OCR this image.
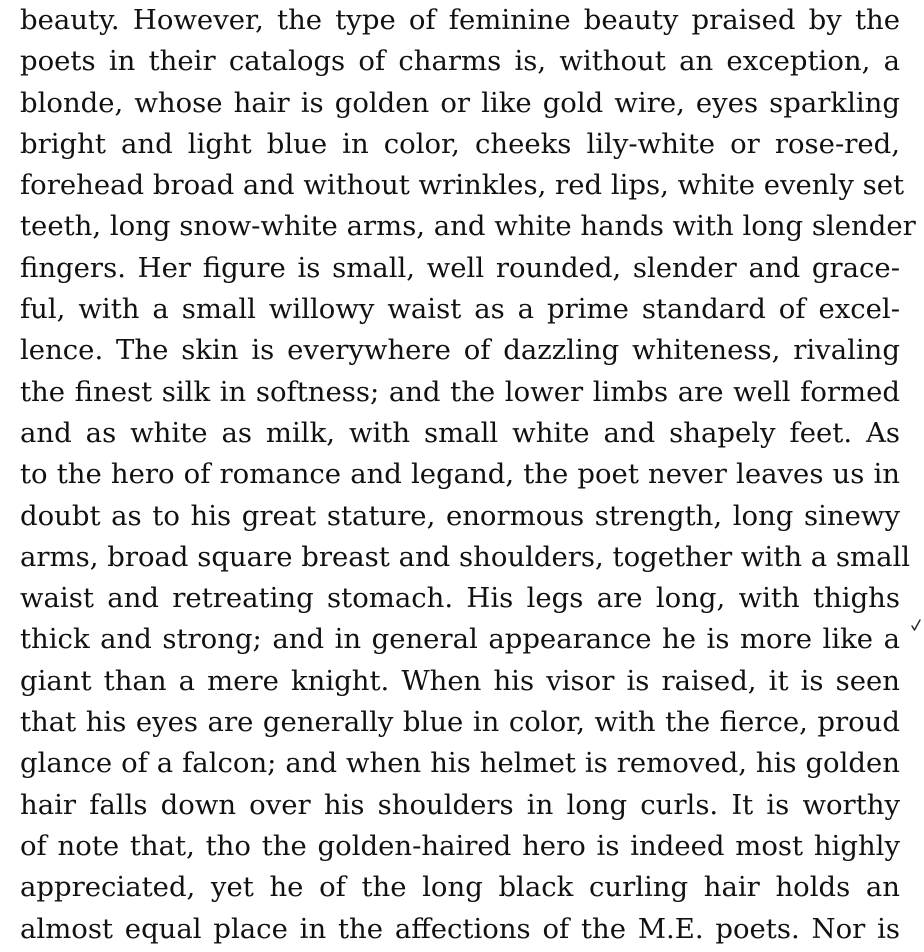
beauty. However, the type of feminine beauty praised by the
poets in their catalogs of charms is, without an exception, a
blonde, whose hair is golden or like gold wire, eyes sparkling
bright and light blue in color, cheeks lily-white or rose-red,
forehead broad and without wrinkles, red lips, white evenly set
teeth, long snow-white arms, and white hands with long slender
fingers. Her figure is small, well rounded, slender and grace-
ful, with a small willowy waist as a prime standard of excel-
lence. The skin is everywhere of dazzling whiteness, rivaling
the finest silk in softness; and the lower limbs are well formed
and as white as milk, with small white and shapely feet. As
to the hero of romance and legand, the poet never leaves us in
doubt as to his great stature, enormous strength, long sinewy
arms, broad square breast and shoulders, together with a small
waist and retreating stomach. His legs are long, with thighs
thick and strong; and in general appearance he is more like a
giant than a mere knight. When his visor is raised, it is seen
that his eyes are generally blue in color, with the fierce, proud
glance of a falcon; and when his helmet is removed, his golden
hair falls down over his shoulders in long curls. It is worthy
of note that, tho the golden-haired hero is indeed most highly
appreciated, yet he of the long black curling hair holds an
almost equal place in the affections of the M.E. poets. Nor is
